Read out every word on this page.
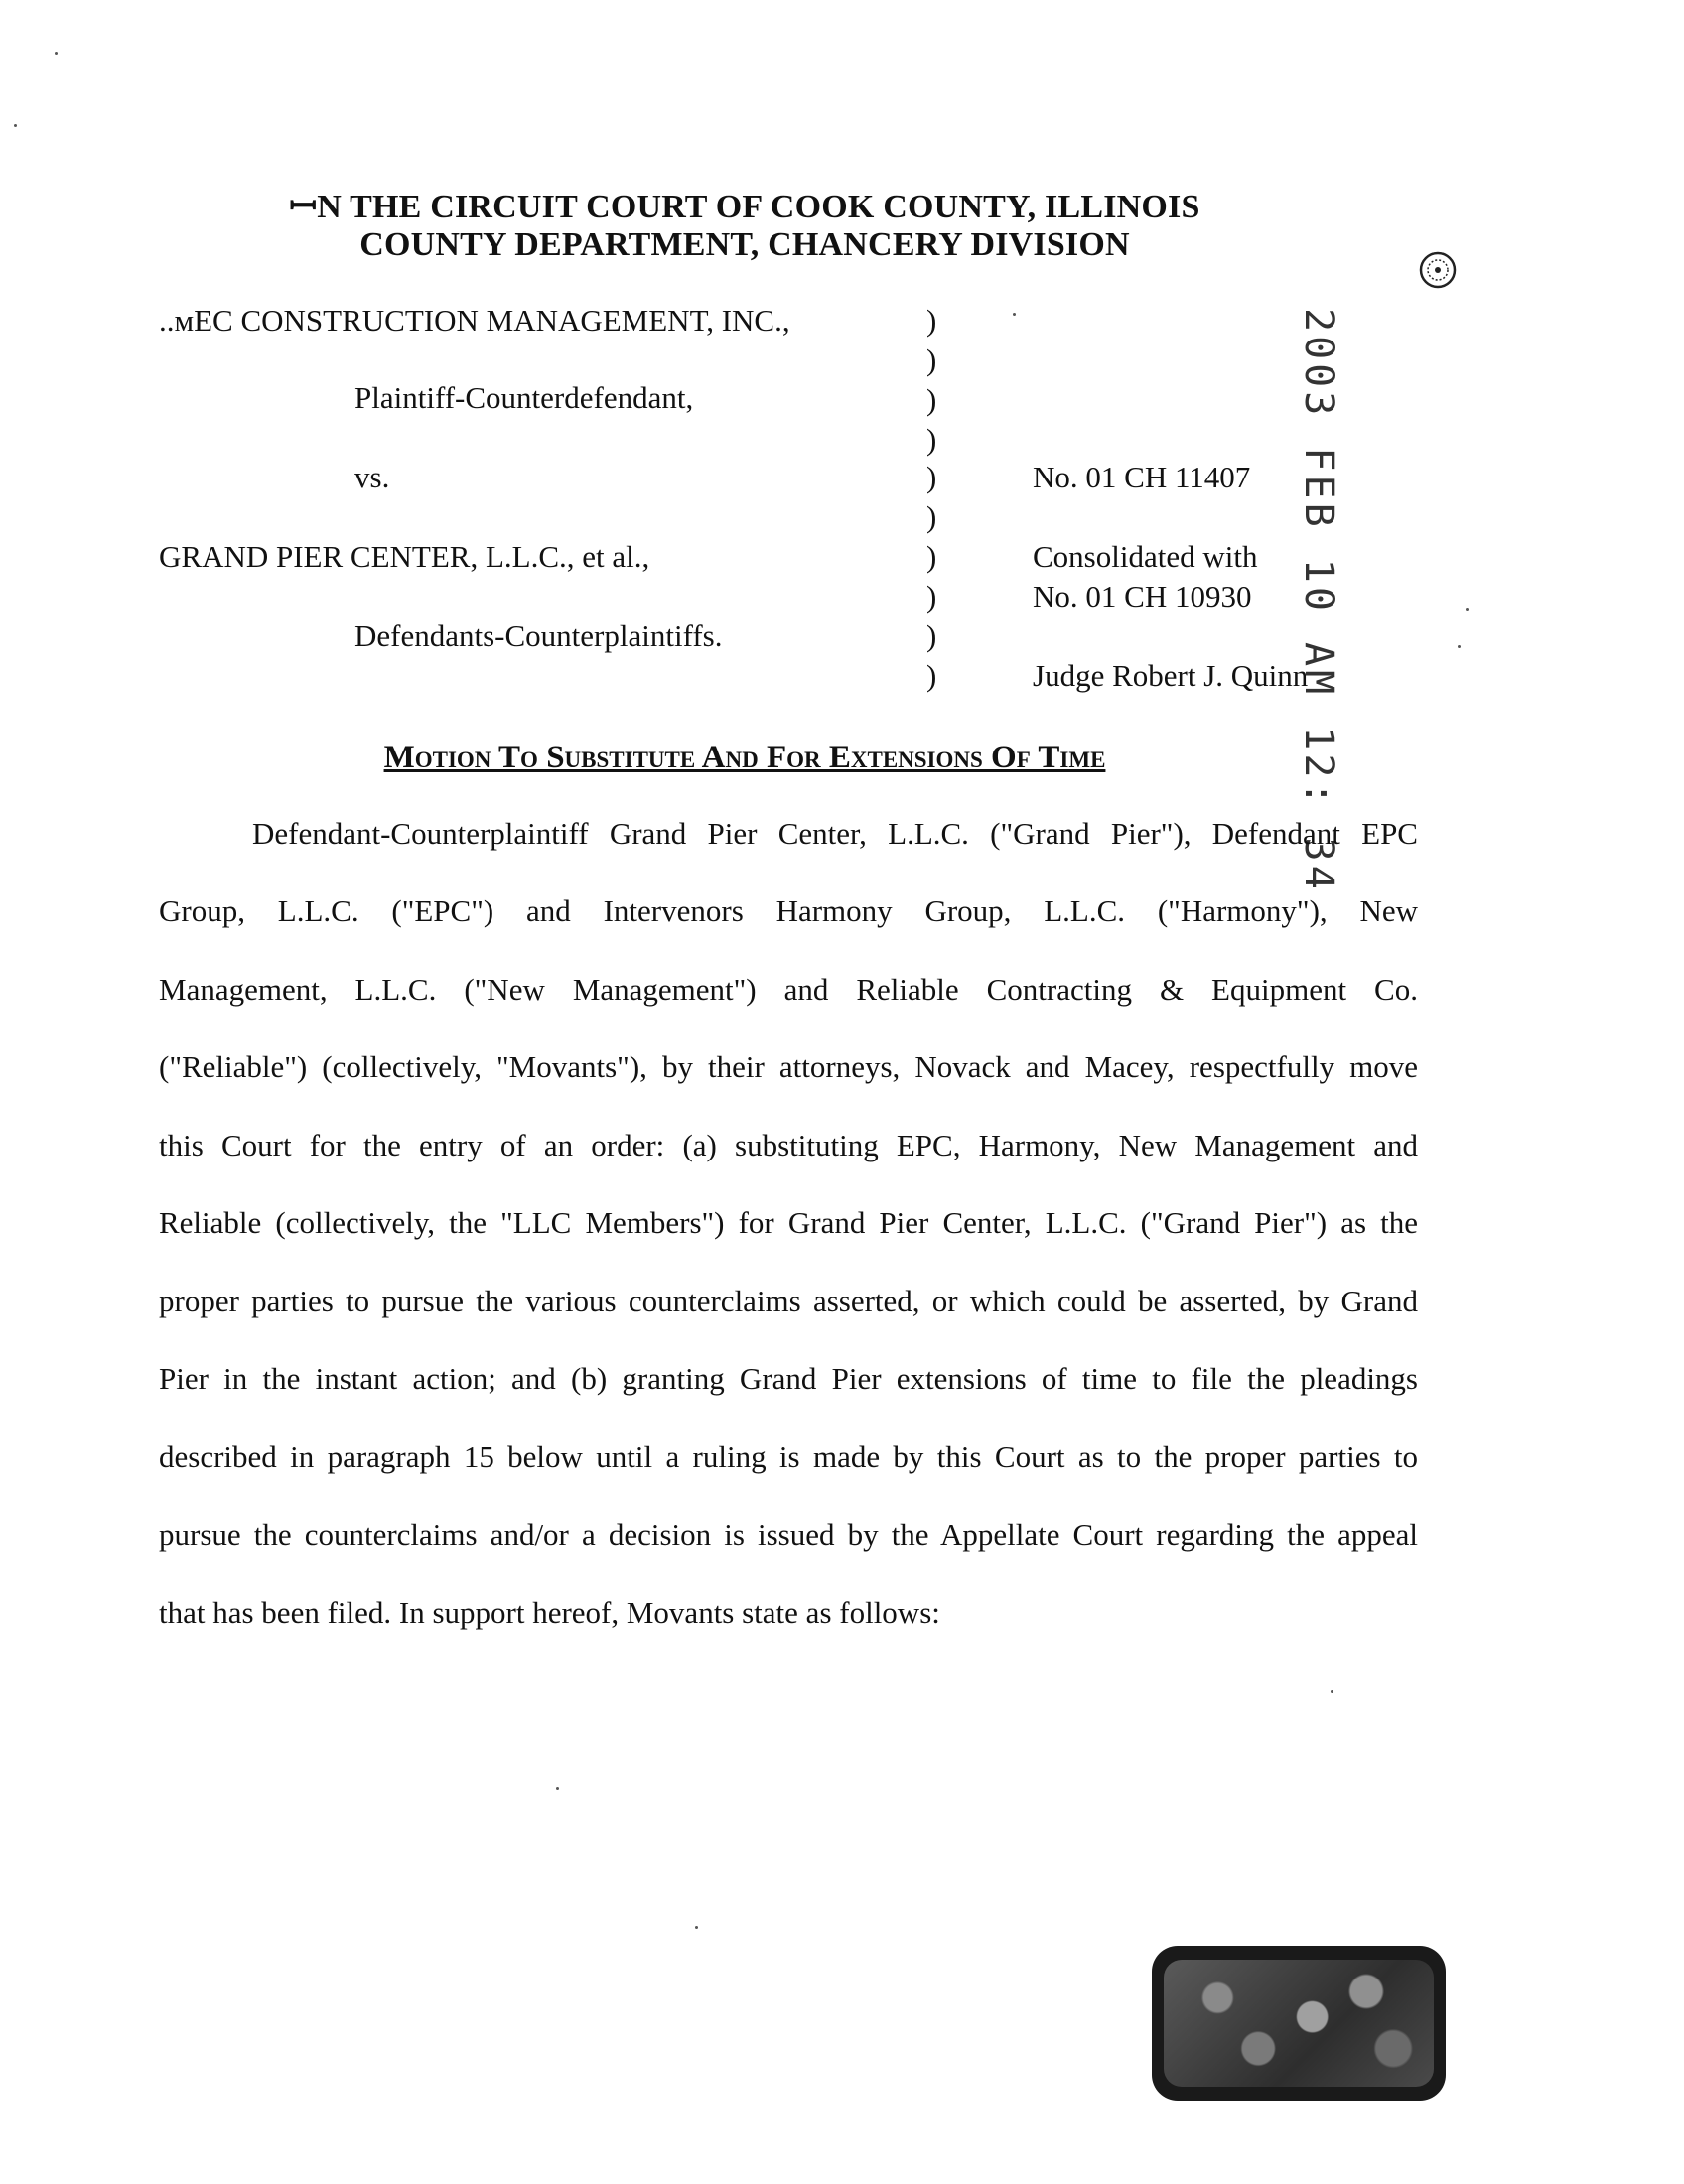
ꟷN THE CIRCUIT COURT OF COOK COUNTY, ILLINOIS
COUNTY DEPARTMENT, CHANCERY DIVISION
..ᴍEC CONSTRUCTION MANAGEMENT, INC.,
Plaintiff-Counterdefendant,
vs.
GRAND PIER CENTER, L.L.C., et al.,
Defendants-Counterplaintiffs.
)
)
)
)
)
)
)
)
)
)
No. 01 CH 11407
Consolidated with
No. 01 CH 10930
Judge Robert J. Quinn
2003 FEB 10 AM 12: 34
Motion To Substitute And For Extensions Of Time
Defendant-Counterplaintiff Grand Pier Center, L.L.C. ("Grand Pier"), Defendant EPC
Group, L.L.C. ("EPC") and Intervenors Harmony Group, L.L.C. ("Harmony"), New
Management, L.L.C. ("New Management") and Reliable Contracting & Equipment Co.
("Reliable") (collectively, "Movants"), by their attorneys, Novack and Macey, respectfully move
this Court for the entry of an order: (a) substituting EPC, Harmony, New Management and
Reliable (collectively, the "LLC Members") for Grand Pier Center, L.L.C. ("Grand Pier") as the
proper parties to pursue the various counterclaims asserted, or which could be asserted, by Grand
Pier in the instant action; and (b) granting Grand Pier extensions of time to file the pleadings
described in paragraph 15 below until a ruling is made by this Court as to the proper parties to
pursue the counterclaims and/or a decision is issued by the Appellate Court regarding the appeal
that has been filed. In support hereof, Movants state as follows:
